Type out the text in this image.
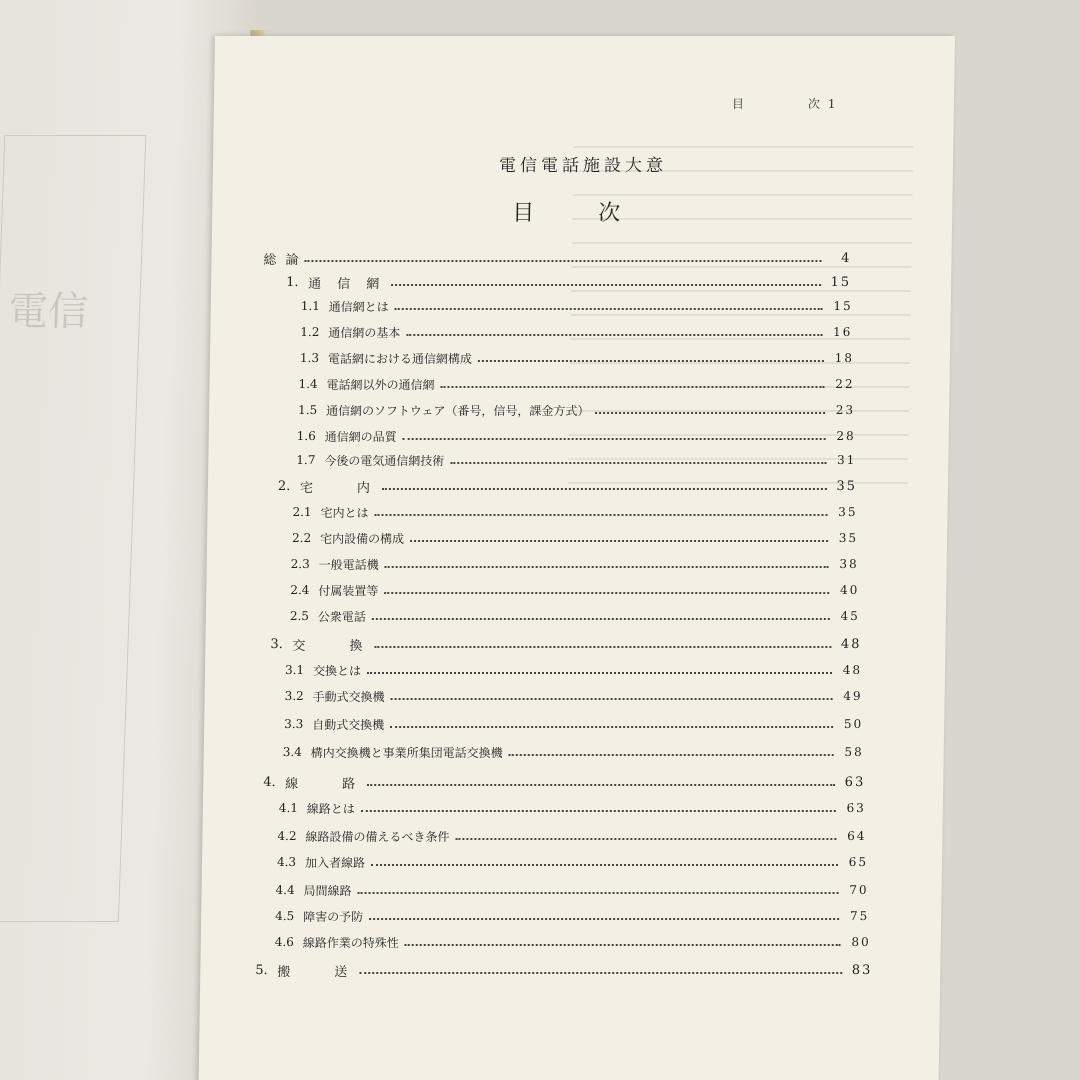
電信
目	次 1
電信電話施設大意
目	次
総 論	4
1. 通 信 網	15
1.1 通信網とは	15
1.2 通信網の基本	16
1.3 電話網における通信網構成	18
1.4 電話網以外の通信網	22
1.5 通信網のソフトウェア（番号，信号，課金方式）	23
1.6 通信網の品質	28
1.7 今後の電気通信網技術	31
2. 宅　　内	35
2.1 宅内とは	35
2.2 宅内設備の構成	35
2.3 一般電話機	38
2.4 付属装置等	40
2.5 公衆電話	45
3. 交　　換	48
3.1 交換とは	48
3.2 手動式交換機	49
3.3 自動式交換機	50
3.4 構内交換機と事業所集団電話交換機	58
4. 線　　路	63
4.1 線路とは	63
4.2 線路設備の備えるべき条件	64
4.3 加入者線路	65
4.4 局間線路	70
4.5 障害の予防	75
4.6 線路作業の特殊性	80
5. 搬　　送	83
